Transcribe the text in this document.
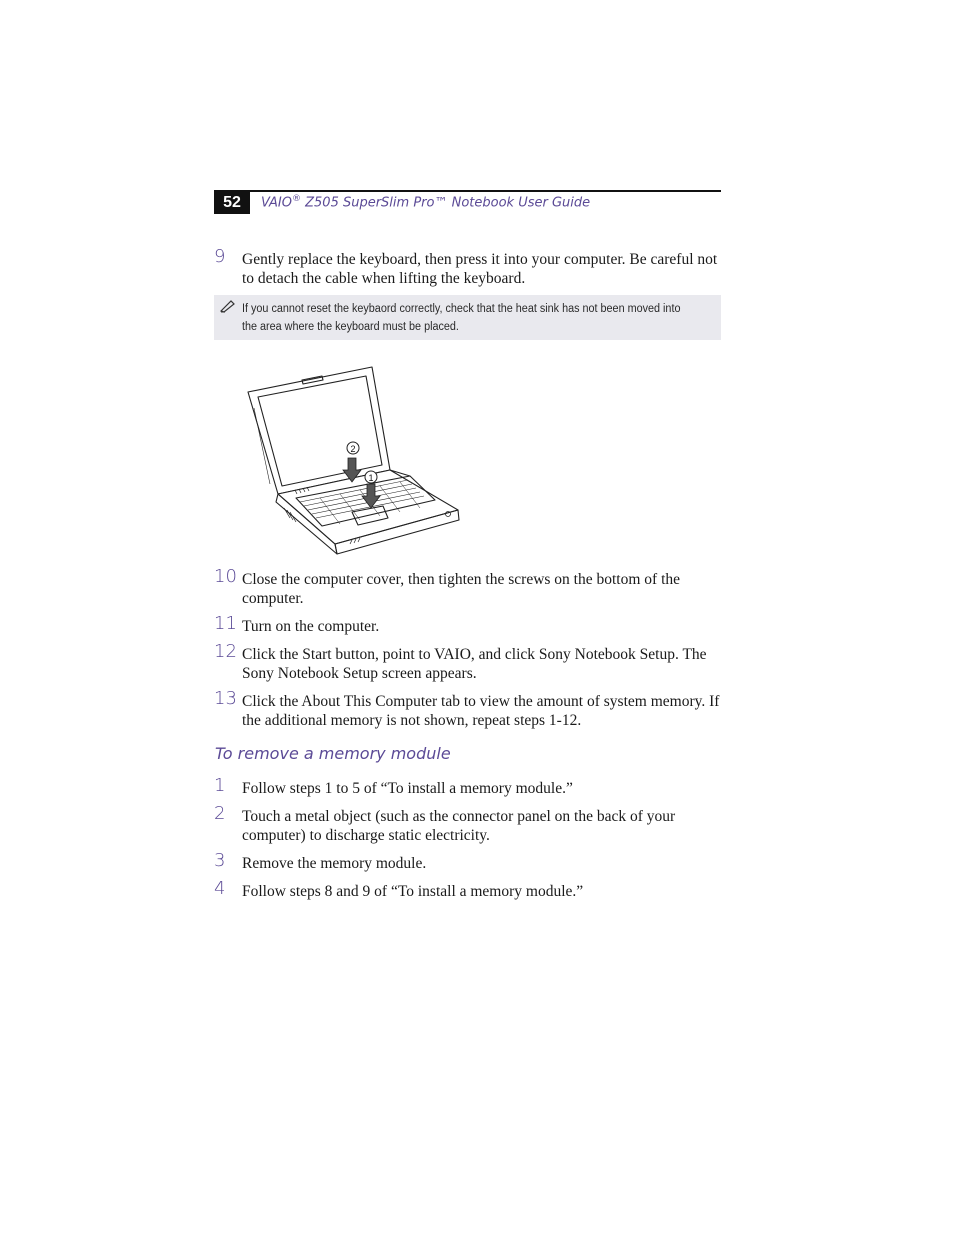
52	VAIO® Z505 SuperSlim Pro™ Notebook User Guide
9 Gently replace the keyboard, then press it into your computer. Be careful not to detach the cable when lifting the keyboard.
If you cannot reset the keybaord correctly, check that the heat sink has not been moved into the area where the keyboard must be placed.
2
1
10 Close the computer cover, then tighten the screws on the bottom of the computer.
11 Turn on the computer.
12 Click the Start button, point to VAIO, and click Sony Notebook Setup. The Sony Notebook Setup screen appears.
13 Click the About This Computer tab to view the amount of system memory. If the additional memory is not shown, repeat steps 1-12.
To remove a memory module
1 Follow steps 1 to 5 of “To install a memory module.”
2 Touch a metal object (such as the connector panel on the back of your computer) to discharge static electricity.
3 Remove the memory module.
4 Follow steps 8 and 9 of “To install a memory module.”
